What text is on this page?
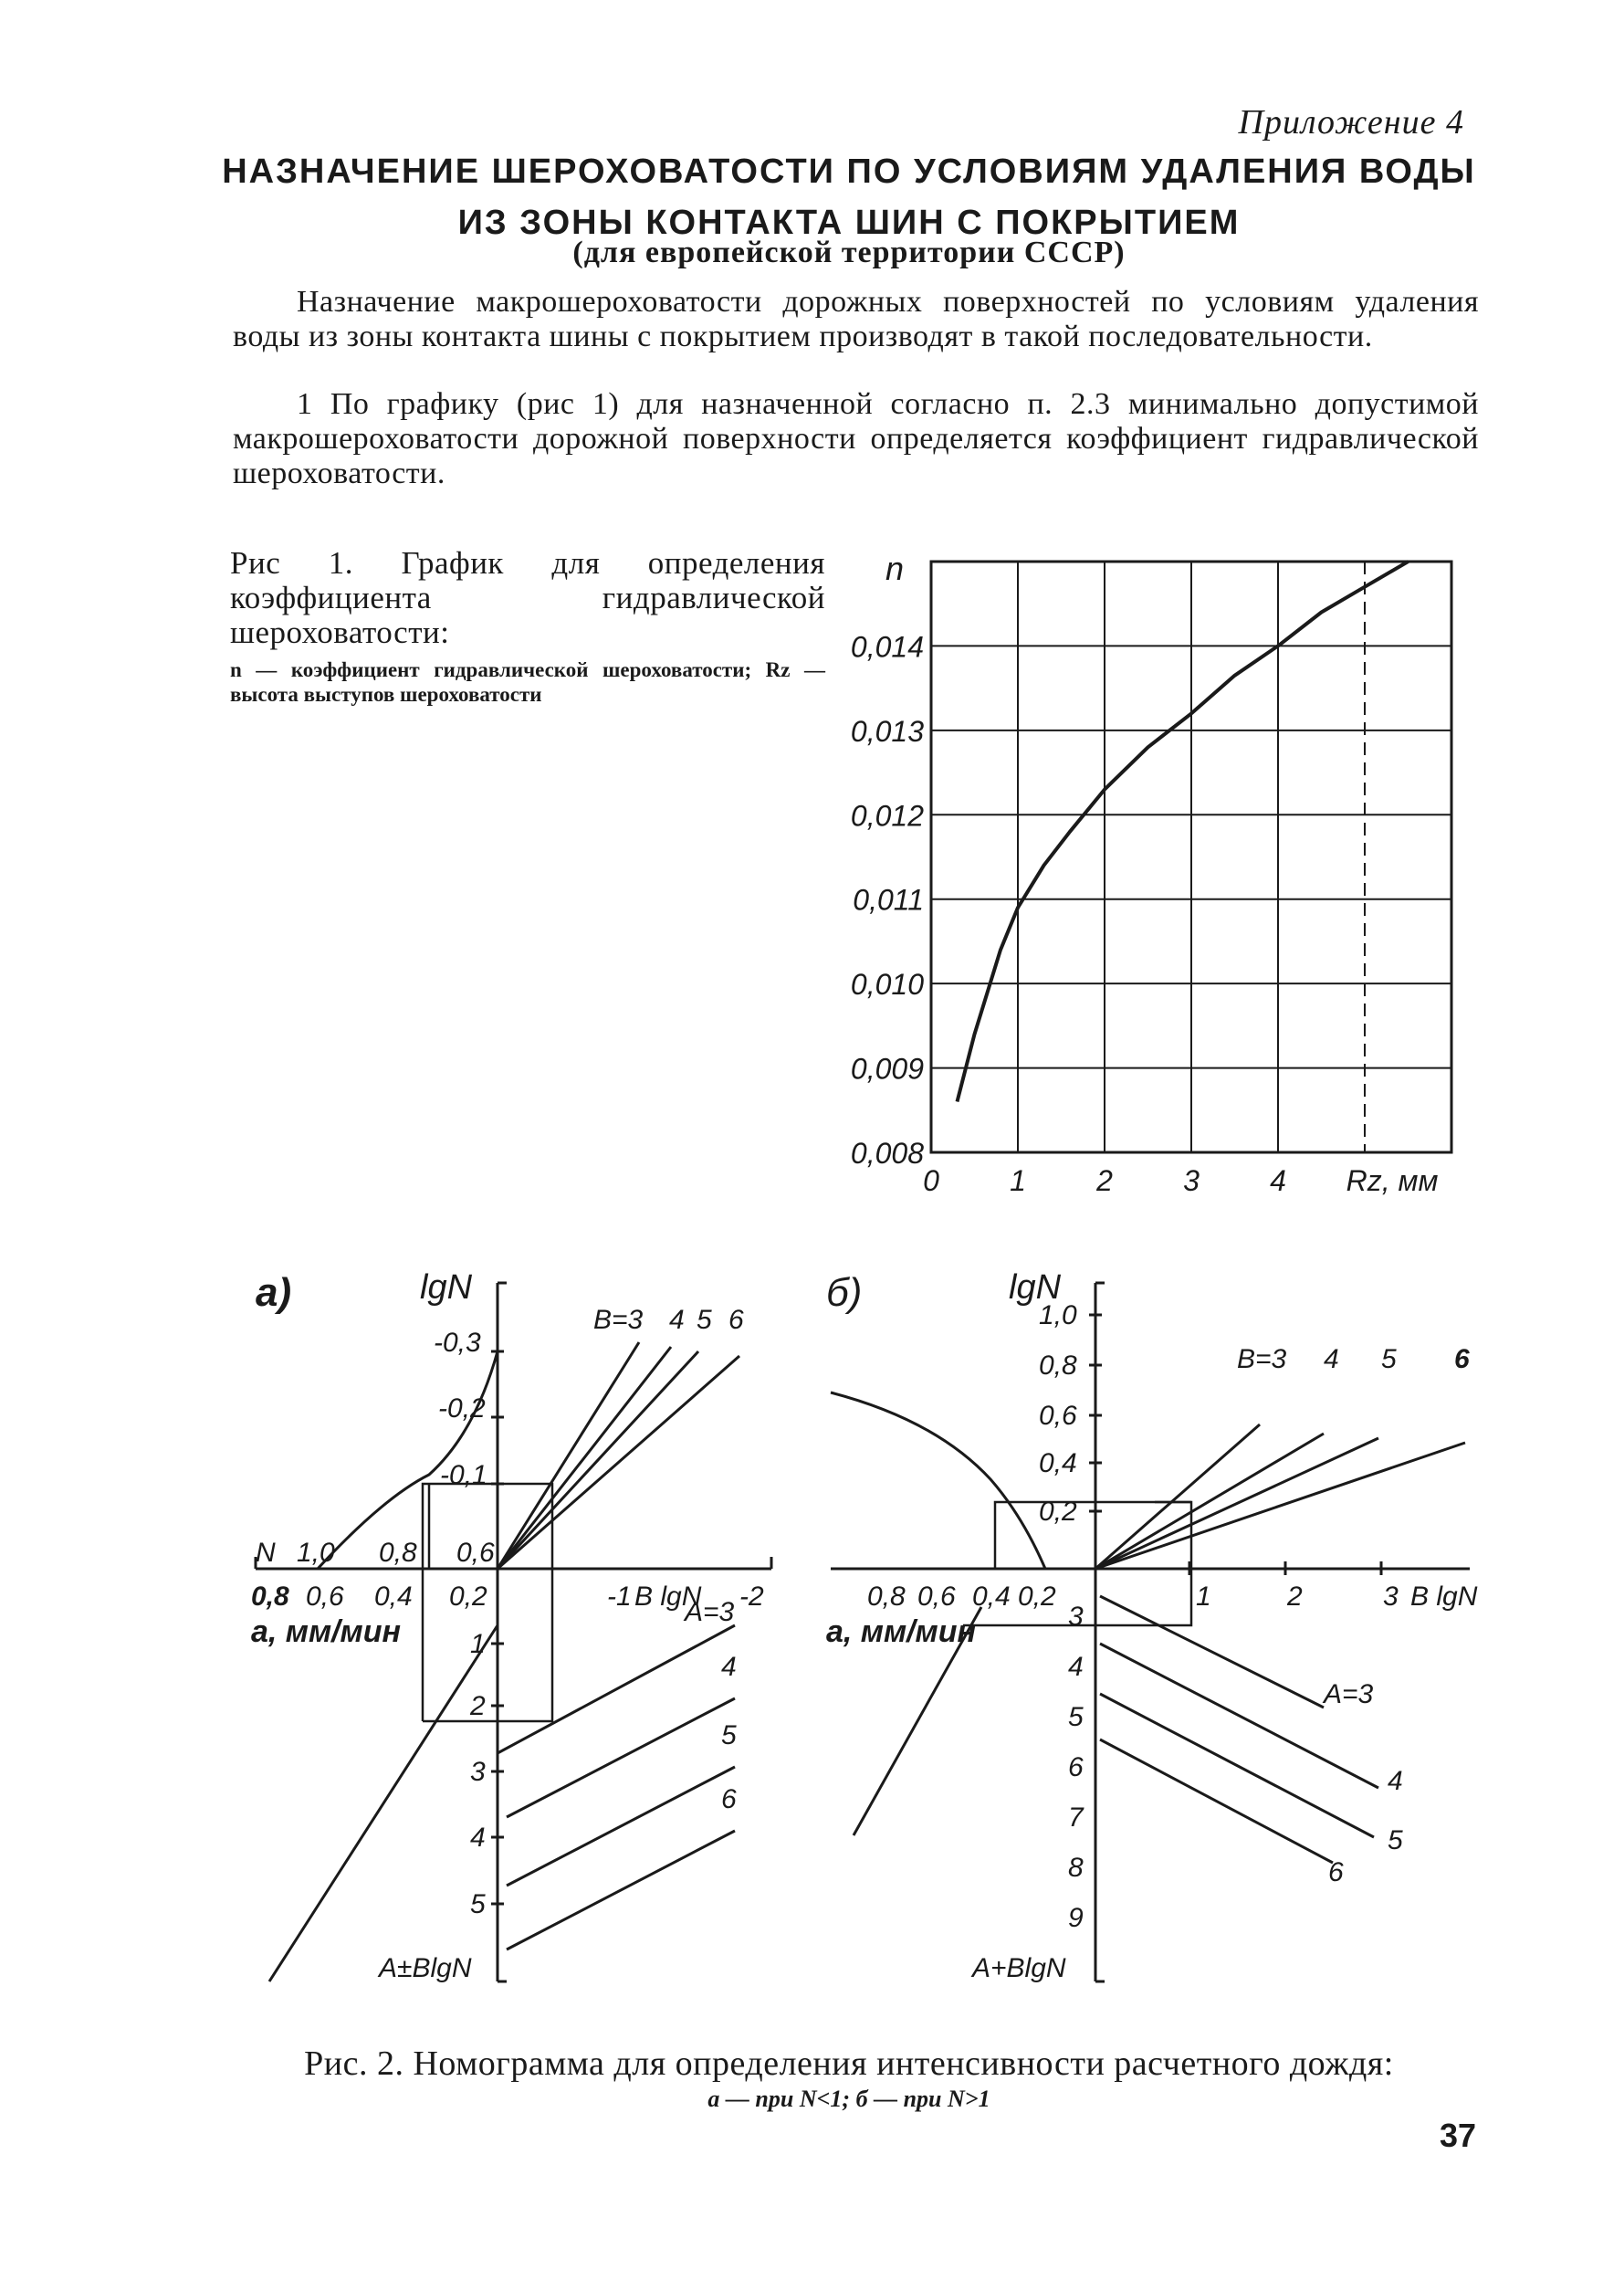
Приложение 4
НАЗНАЧЕНИЕ ШЕРОХОВАТОСТИ ПО УСЛОВИЯМ УДАЛЕНИЯ ВОДЫ
ИЗ ЗОНЫ КОНТАКТА ШИН С ПОКРЫТИЕМ
(для европейской территории СССР)
Назначение макрошероховатости дорожных поверхностей по условиям удаления воды из зоны контакта шины с покрытием производят в такой последовательности.
1 По графику (рис 1) для назначенной согласно п. 2.3 минимально допустимой макрошероховатости дорожной поверхности определяется коэффициент гидравлической шероховатости.
Рис 1. График для определения коэффициента гидравлической шероховатости:
n — коэффициент гидравлической шероховатости; Rz — высота выступов шероховатости
0,008
0,009
0,010
0,011
0,012
0,013
0,014
0 1 2 3 4
n
Rz, мм
а)	lgN
-0,3
-0,2
-0,1
N 1,0 0,8 0,6
0,8 0,6 0,4 0,2
а, мм/мин
-1 В lgN -2
1
2
3
4
5
А±ВlgN
В=3 4 5 6
А=3
4
5
6
б)	lgN
1,0
0,8
0,6
0,4
0,2
3
4
5
6
7
8
9
А+ВlgN
0,8 0,6 0,4 0,2
а, мм/мин
1	2	3 В lgN
В=3 4 5 6
А=3
4
5
6
Рис. 2. Номограмма для определения интенсивности расчетного дождя:
а — при N<1; б — при N>1
37
